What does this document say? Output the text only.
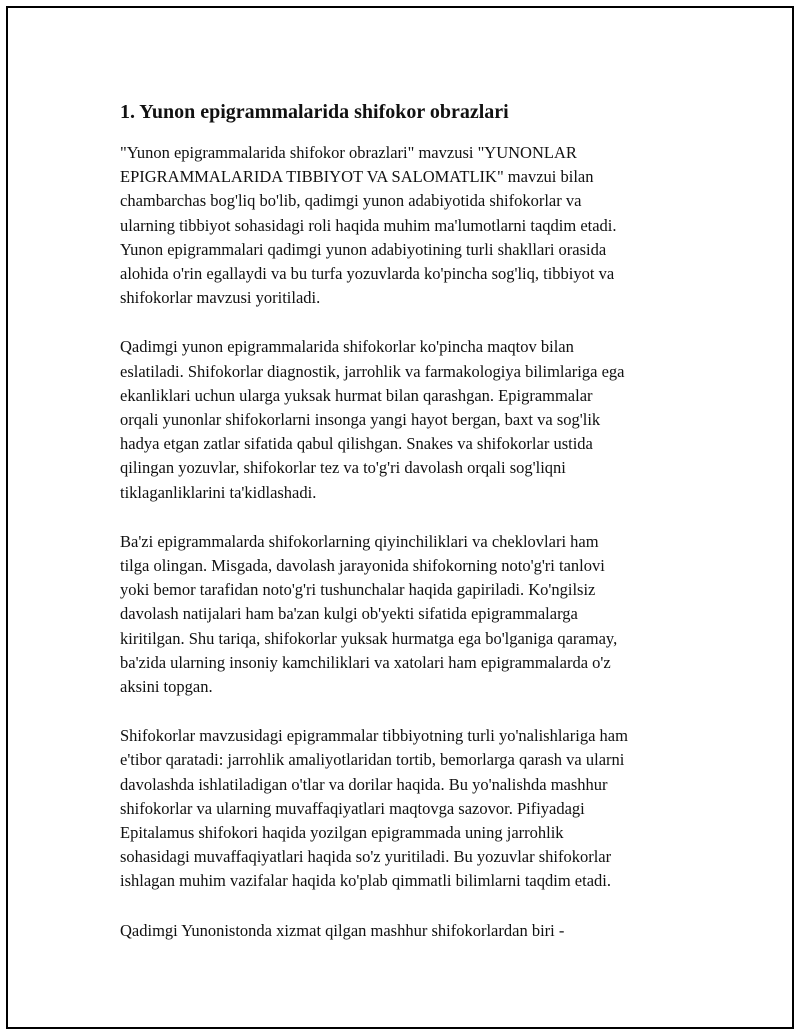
1. Yunon epigrammalarida shifokor obrazlari

"Yunon epigrammalarida shifokor obrazlari" mavzusi "YUNONLAR
EPIGRAMMALARIDA TIBBIYOT VA SALOMATLIK" mavzui bilan
chambarchas bog'liq bo'lib, qadimgi yunon adabiyotida shifokorlar va
ularning tibbiyot sohasidagi roli haqida muhim ma'lumotlarni taqdim etadi.
Yunon epigrammalari qadimgi yunon adabiyotining turli shakllari orasida
alohida o'rin egallaydi va bu turfa yozuvlarda ko'pincha sog'liq, tibbiyot va
shifokorlar mavzusi yoritiladi.

Qadimgi yunon epigrammalarida shifokorlar ko'pincha maqtov bilan
eslatiladi. Shifokorlar diagnostik, jarrohlik va farmakologiya bilimlariga ega
ekanliklari uchun ularga yuksak hurmat bilan qarashgan. Epigrammalar
orqali yunonlar shifokorlarni insonga yangi hayot bergan, baxt va sog'lik
hadya etgan zatlar sifatida qabul qilishgan. Snakes va shifokorlar ustida
qilingan yozuvlar, shifokorlar tez va to'g'ri davolash orqali sog'liqni
tiklaganliklarini ta'kidlashadi.

Ba'zi epigrammalarda shifokorlarning qiyinchiliklari va cheklovlari ham
tilga olingan. Misgada, davolash jarayonida shifokorning noto'g'ri tanlovi
yoki bemor tarafidan noto'g'ri tushunchalar haqida gapiriladi. Ko'ngilsiz
davolash natijalari ham ba'zan kulgi ob'yekti sifatida epigrammalarga
kiritilgan. Shu tariqa, shifokorlar yuksak hurmatga ega bo'lganiga qaramay,
ba'zida ularning insoniy kamchiliklari va xatolari ham epigrammalarda o'z
aksini topgan.

Shifokorlar mavzusidagi epigrammalar tibbiyotning turli yo'nalishlariga ham
e'tibor qaratadi: jarrohlik amaliyotlaridan tortib, bemorlarga qarash va ularni
davolashda ishlatiladigan o'tlar va dorilar haqida. Bu yo'nalishda mashhur
shifokorlar va ularning muvaffaqiyatlari maqtovga sazovor. Pifiyadagi
Epitalamus shifokori haqida yozilgan epigrammada uning jarrohlik
sohasidagi muvaffaqiyatlari haqida so'z yuritiladi. Bu yozuvlar shifokorlar
ishlagan muhim vazifalar haqida ko'plab qimmatli bilimlarni taqdim etadi.

Qadimgi Yunonistonda xizmat qilgan mashhur shifokorlardan biri -
